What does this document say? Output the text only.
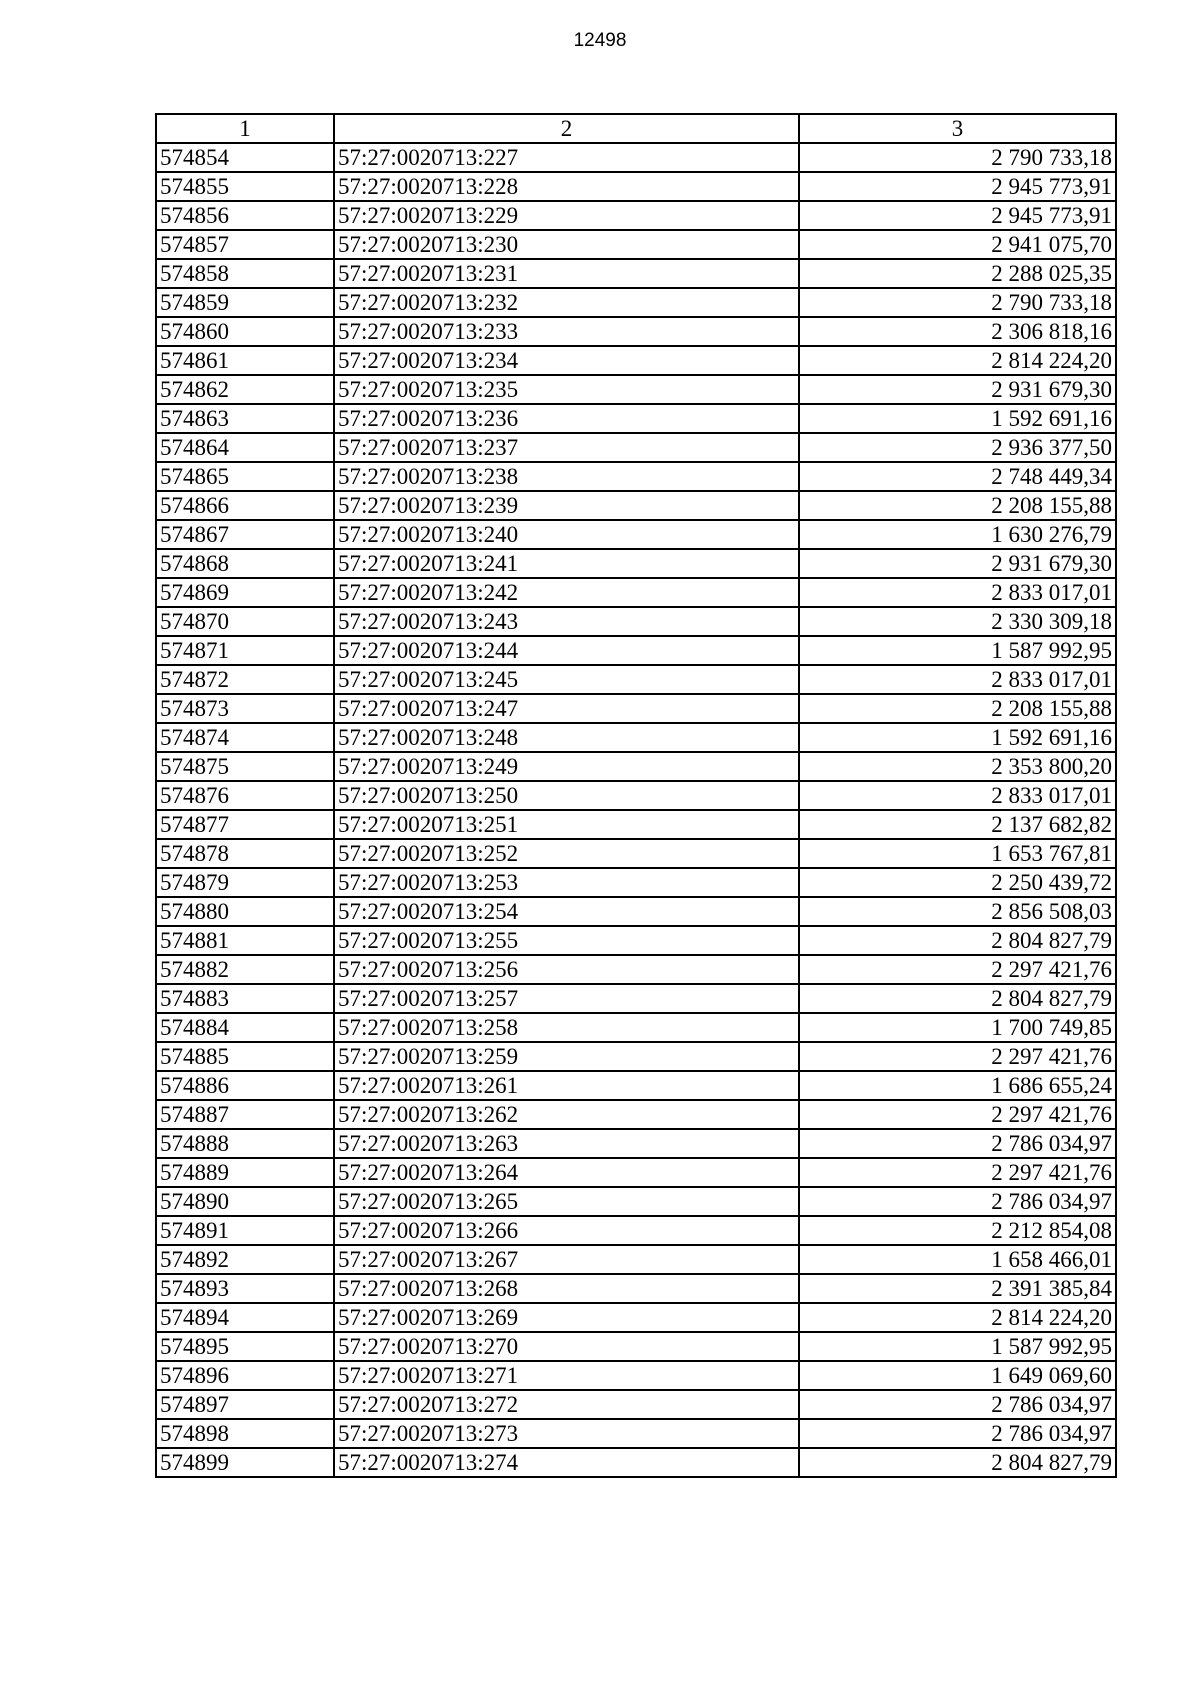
12498
1	2	3
574854	57:27:0020713:227	2 790 733,18
574855	57:27:0020713:228	2 945 773,91
574856	57:27:0020713:229	2 945 773,91
574857	57:27:0020713:230	2 941 075,70
574858	57:27:0020713:231	2 288 025,35
574859	57:27:0020713:232	2 790 733,18
574860	57:27:0020713:233	2 306 818,16
574861	57:27:0020713:234	2 814 224,20
574862	57:27:0020713:235	2 931 679,30
574863	57:27:0020713:236	1 592 691,16
574864	57:27:0020713:237	2 936 377,50
574865	57:27:0020713:238	2 748 449,34
574866	57:27:0020713:239	2 208 155,88
574867	57:27:0020713:240	1 630 276,79
574868	57:27:0020713:241	2 931 679,30
574869	57:27:0020713:242	2 833 017,01
574870	57:27:0020713:243	2 330 309,18
574871	57:27:0020713:244	1 587 992,95
574872	57:27:0020713:245	2 833 017,01
574873	57:27:0020713:247	2 208 155,88
574874	57:27:0020713:248	1 592 691,16
574875	57:27:0020713:249	2 353 800,20
574876	57:27:0020713:250	2 833 017,01
574877	57:27:0020713:251	2 137 682,82
574878	57:27:0020713:252	1 653 767,81
574879	57:27:0020713:253	2 250 439,72
574880	57:27:0020713:254	2 856 508,03
574881	57:27:0020713:255	2 804 827,79
574882	57:27:0020713:256	2 297 421,76
574883	57:27:0020713:257	2 804 827,79
574884	57:27:0020713:258	1 700 749,85
574885	57:27:0020713:259	2 297 421,76
574886	57:27:0020713:261	1 686 655,24
574887	57:27:0020713:262	2 297 421,76
574888	57:27:0020713:263	2 786 034,97
574889	57:27:0020713:264	2 297 421,76
574890	57:27:0020713:265	2 786 034,97
574891	57:27:0020713:266	2 212 854,08
574892	57:27:0020713:267	1 658 466,01
574893	57:27:0020713:268	2 391 385,84
574894	57:27:0020713:269	2 814 224,20
574895	57:27:0020713:270	1 587 992,95
574896	57:27:0020713:271	1 649 069,60
574897	57:27:0020713:272	2 786 034,97
574898	57:27:0020713:273	2 786 034,97
574899	57:27:0020713:274	2 804 827,79
